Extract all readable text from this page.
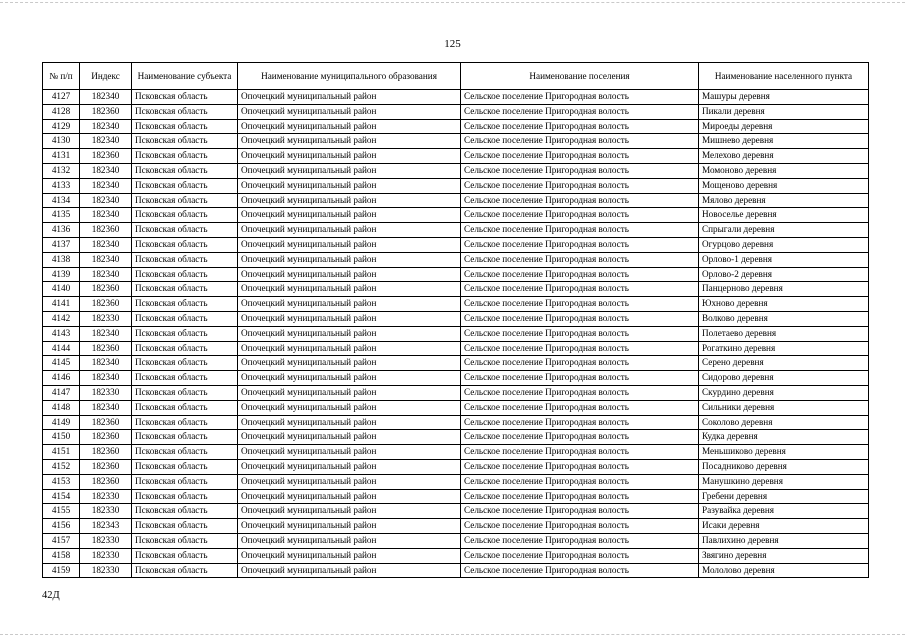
125
№ п/п	Индекс	Наименование субъекта	Наименование муниципального образования	Наименование поселения	Наименование населенного пункта
4127	182340	Псковская область	Опочецкий муниципальный район	Сельское поселение Пригородная волость	Машуры деревня
4128	182360	Псковская область	Опочецкий муниципальный район	Сельское поселение Пригородная волость	Пикали деревня
4129	182340	Псковская область	Опочецкий муниципальный район	Сельское поселение Пригородная волость	Мироеды деревня
4130	182340	Псковская область	Опочецкий муниципальный район	Сельское поселение Пригородная волость	Мишнево деревня
4131	182360	Псковская область	Опочецкий муниципальный район	Сельское поселение Пригородная волость	Мелехово деревня
4132	182340	Псковская область	Опочецкий муниципальный район	Сельское поселение Пригородная волость	Момоново деревня
4133	182340	Псковская область	Опочецкий муниципальный район	Сельское поселение Пригородная волость	Мощеново деревня
4134	182340	Псковская область	Опочецкий муниципальный район	Сельское поселение Пригородная волость	Мялово деревня
4135	182340	Псковская область	Опочецкий муниципальный район	Сельское поселение Пригородная волость	Новоселье деревня
4136	182360	Псковская область	Опочецкий муниципальный район	Сельское поселение Пригородная волость	Спрыгали деревня
4137	182340	Псковская область	Опочецкий муниципальный район	Сельское поселение Пригородная волость	Огурцово деревня
4138	182340	Псковская область	Опочецкий муниципальный район	Сельское поселение Пригородная волость	Орлово-1 деревня
4139	182340	Псковская область	Опочецкий муниципальный район	Сельское поселение Пригородная волость	Орлово-2 деревня
4140	182360	Псковская область	Опочецкий муниципальный район	Сельское поселение Пригородная волость	Панцерново деревня
4141	182360	Псковская область	Опочецкий муниципальный район	Сельское поселение Пригородная волость	Юхново деревня
4142	182330	Псковская область	Опочецкий муниципальный район	Сельское поселение Пригородная волость	Волково деревня
4143	182340	Псковская область	Опочецкий муниципальный район	Сельское поселение Пригородная волость	Полетаево деревня
4144	182360	Псковская область	Опочецкий муниципальный район	Сельское поселение Пригородная волость	Рогаткино деревня
4145	182340	Псковская область	Опочецкий муниципальный район	Сельское поселение Пригородная волость	Серено деревня
4146	182340	Псковская область	Опочецкий муниципальный район	Сельское поселение Пригородная волость	Сидорово деревня
4147	182330	Псковская область	Опочецкий муниципальный район	Сельское поселение Пригородная волость	Скурдино деревня
4148	182340	Псковская область	Опочецкий муниципальный район	Сельское поселение Пригородная волость	Сильники деревня
4149	182360	Псковская область	Опочецкий муниципальный район	Сельское поселение Пригородная волость	Соколово деревня
4150	182360	Псковская область	Опочецкий муниципальный район	Сельское поселение Пригородная волость	Кудка деревня
4151	182360	Псковская область	Опочецкий муниципальный район	Сельское поселение Пригородная волость	Меньшиково деревня
4152	182360	Псковская область	Опочецкий муниципальный район	Сельское поселение Пригородная волость	Посадниково деревня
4153	182360	Псковская область	Опочецкий муниципальный район	Сельское поселение Пригородная волость	Манушкино деревня
4154	182330	Псковская область	Опочецкий муниципальный район	Сельское поселение Пригородная волость	Гребени деревня
4155	182330	Псковская область	Опочецкий муниципальный район	Сельское поселение Пригородная волость	Разувайка деревня
4156	182343	Псковская область	Опочецкий муниципальный район	Сельское поселение Пригородная волость	Исаки деревня
4157	182330	Псковская область	Опочецкий муниципальный район	Сельское поселение Пригородная волость	Павлихино деревня
4158	182330	Псковская область	Опочецкий муниципальный район	Сельское поселение Пригородная волость	Звягино деревня
4159	182330	Псковская область	Опочецкий муниципальный район	Сельское поселение Пригородная волость	Мололово деревня
42Д
